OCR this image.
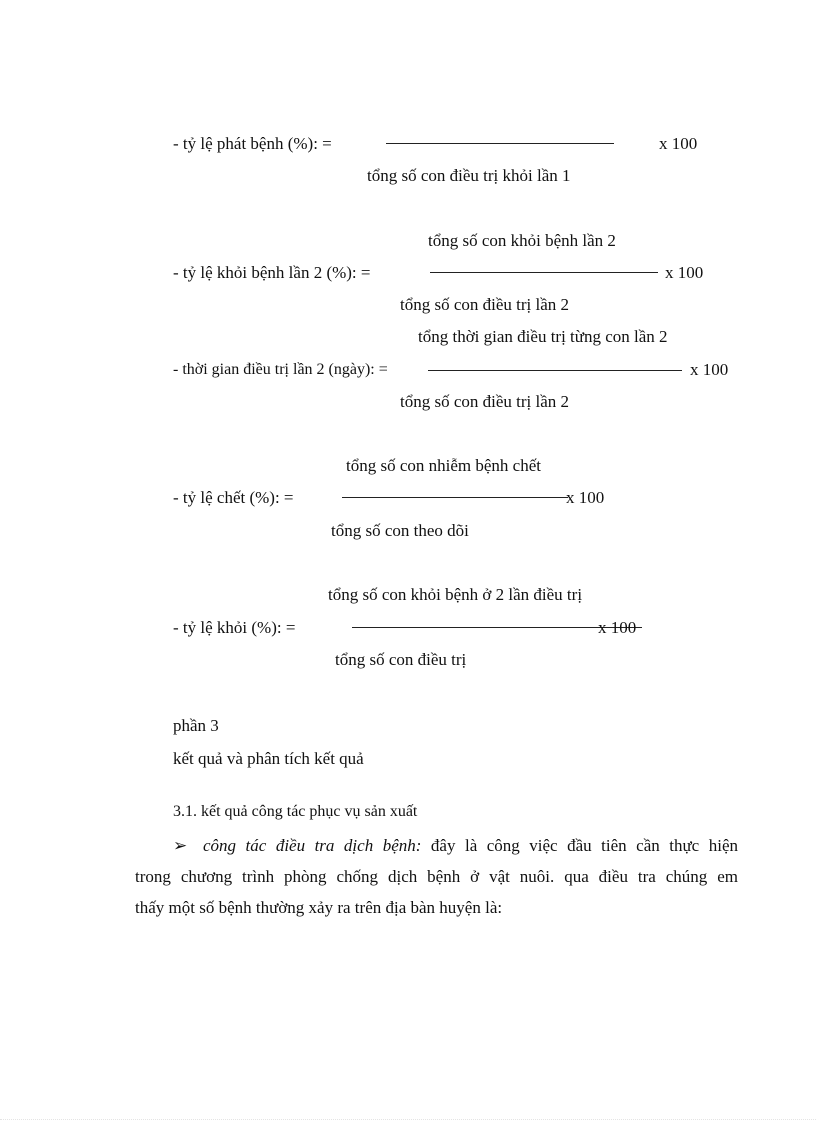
- tỷ lệ phát bệnh (%): =	x 100
tổng số con điều trị khỏi lần 1
tổng số con khỏi bệnh lần 2
- tỷ lệ khỏi bệnh lần 2 (%): =	x 100
tổng số con điều trị lần 2
tổng thời gian điều trị từng con lần 2
- thời gian điều trị lần 2 (ngày): =	x 100
tổng số con điều trị lần 2
tổng số con nhiễm bệnh chết
- tỷ lệ chết (%): =	x 100
tổng số con theo dõi
tổng số con khỏi bệnh ở 2 lần điều trị
- tỷ lệ khỏi (%): =	x 100
tổng số con điều trị
phần 3
kết quả và phân tích kết quả
3.1. kết quả công tác phục vụ sản xuất
➢ công tác điều tra dịch bệnh: đây là công việc đầu tiên cần thực hiện
trong chương trình phòng chống dịch bệnh ở vật nuôi. qua điều tra chúng em
thấy một số bệnh thường xảy ra trên địa bàn huyện là:
